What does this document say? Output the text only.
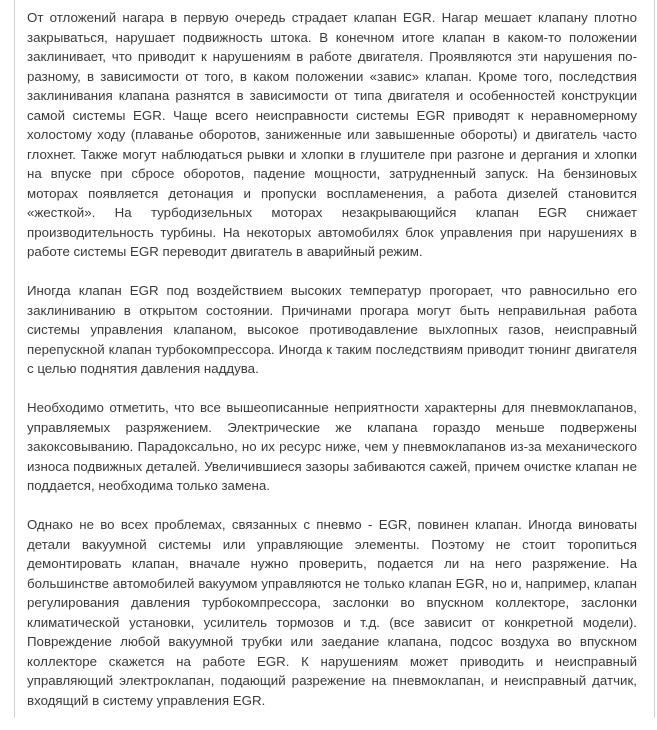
От отложений нагара в первую очередь страдает клапан EGR. Нагар мешает клапану плотно закрываться, нарушает подвижность штока. В конечном итоге клапан в каком-то положении заклинивает, что приводит к нарушениям в работе двигателя. Проявляются эти нарушения по-разному, в зависимости от того, в каком положении «завис» клапан. Кроме того, последствия заклинивания клапана разнятся в зависимости от типа двигателя и особенностей конструкции самой системы EGR. Чаще всего неисправности системы EGR приводят к неравномерному холостому ходу (плаванье оборотов, заниженные или завышенные обороты) и двигатель часто глохнет. Также могут наблюдаться рывки и хлопки в глушителе при разгоне и дергания и хлопки на впуске при сбросе оборотов, падение мощности, затрудненный запуск. На бензиновых моторах появляется детонация и пропуски воспламенения, а работа дизелей становится «жесткой». На турбодизельных моторах незакрывающийся клапан EGR снижает производительность турбины. На некоторых автомобилях блок управления при нарушениях в работе системы EGR переводит двигатель в аварийный режим.

Иногда клапан EGR под воздействием высоких температур прогорает, что равносильно его заклиниванию в открытом состоянии. Причинами прогара могут быть неправильная работа системы управления клапаном, высокое противодавление выхлопных газов, неисправный перепускной клапан турбокомпрессора. Иногда к таким последствиям приводит тюнинг двигателя с целью поднятия давления наддува.

Необходимо отметить, что все вышеописанные неприятности характерны для пневмоклапанов, управляемых разряжением. Электрические же клапана гораздо меньше подвержены закоксовыванию. Парадоксально, но их ресурс ниже, чем у пневмоклапанов из-за механического износа подвижных деталей. Увеличившиеся зазоры забиваются сажей, причем очистке клапан не поддается, необходима только замена.

Однако не во всех проблемах, связанных с пневмо - EGR, повинен клапан. Иногда виноваты детали вакуумной системы или управляющие элементы. Поэтому не стоит торопиться демонтировать клапан, вначале нужно проверить, подается ли на него разряжение. На большинстве автомобилей вакуумом управляются не только клапан EGR, но и, например, клапан регулирования давления турбокомпрессора, заслонки во впускном коллекторе, заслонки климатической установки, усилитель тормозов и т.д. (все зависит от конкретной модели). Повреждение любой вакуумной трубки или заедание клапана, подсос воздуха во впускном коллекторе скажется на работе EGR. К нарушениям может приводить и неисправный управляющий электроклапан, подающий разрежение на пневмоклапан, и неисправный датчик, входящий в систему управления EGR.
